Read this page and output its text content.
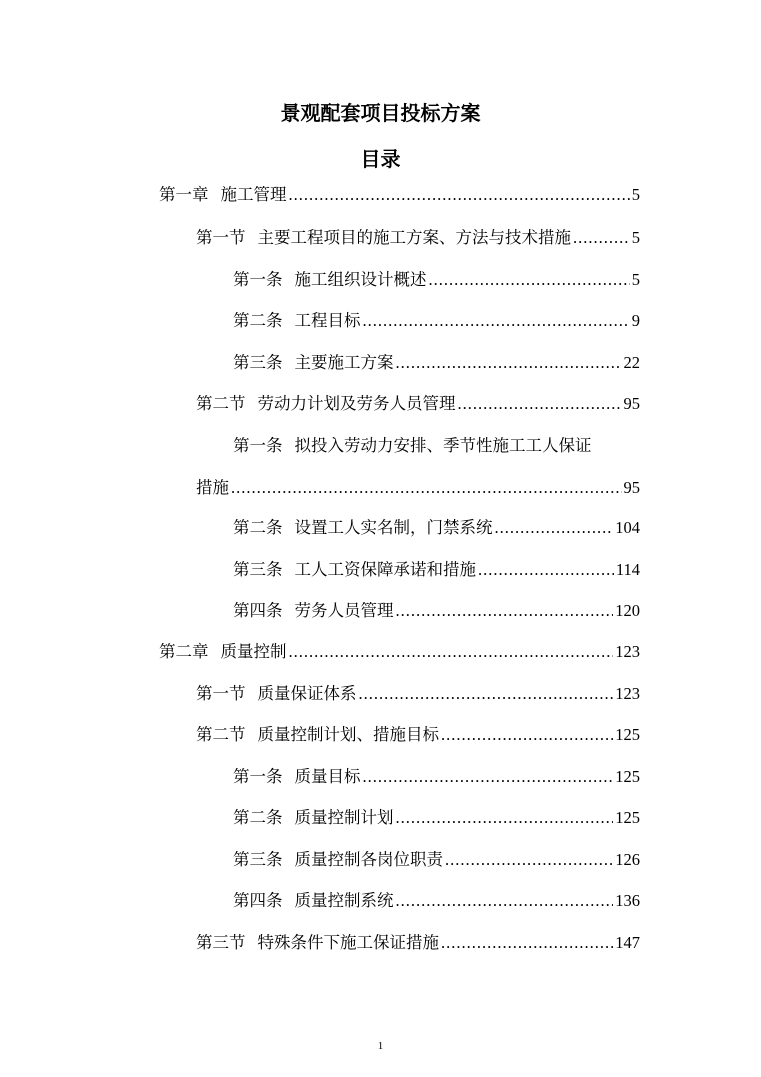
景观配套项目投标方案
目录
第一章 施工管理 .....	5
第一节 主要工程项目的施工方案、方法与技术措施 .....	5
第一条 施工组织设计概述 .....	5
第二条 工程目标 .....	9
第三条 主要施工方案 .....	22
第二节 劳动力计划及劳务人员管理 .....	95
第一条 拟投入劳动力安排、季节性施工工人保证
措施 .....	95
第二条 设置工人实名制，门禁系统 .....	104
第三条 工人工资保障承诺和措施 .....	114
第四条 劳务人员管理 .....	120
第二章 质量控制 .....	123
第一节 质量保证体系 .....	123
第二节 质量控制计划、措施目标 .....	125
第一条 质量目标 .....	125
第二条 质量控制计划 .....	125
第三条 质量控制各岗位职责 .....	126
第四条 质量控制系统 .....	136
第三节 特殊条件下施工保证措施 .....	147
1
